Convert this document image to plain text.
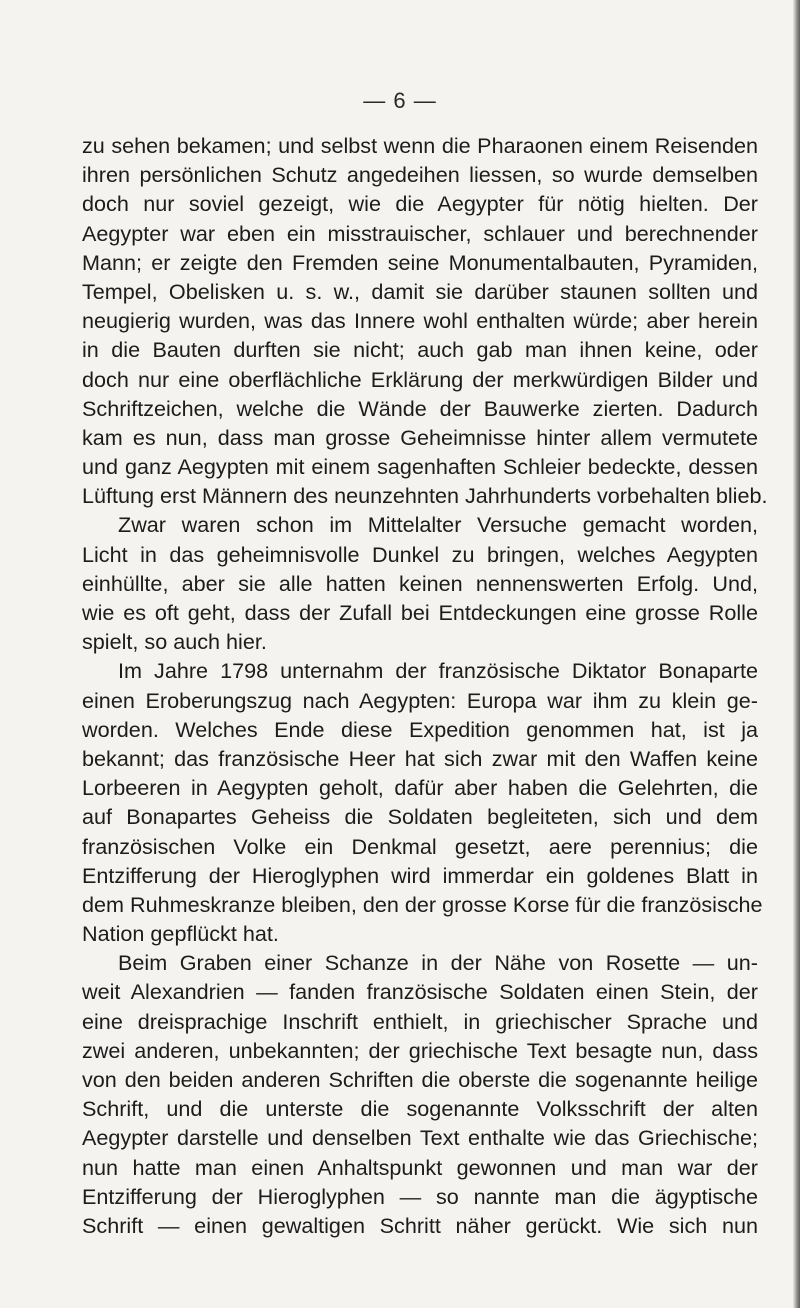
— 6 —
zu sehen bekamen; und selbst wenn die Pharaonen einem Reisenden
ihren persönlichen Schutz angedeihen liessen, so wurde demselben
doch nur soviel gezeigt, wie die Aegypter für nötig hielten. Der
Aegypter war eben ein misstrauischer, schlauer und berechnender
Mann; er zeigte den Fremden seine Monumentalbauten, Pyramiden,
Tempel, Obelisken u. s. w., damit sie darüber staunen sollten und
neugierig wurden, was das Innere wohl enthalten würde; aber herein
in die Bauten durften sie nicht; auch gab man ihnen keine, oder
doch nur eine oberflächliche Erklärung der merkwürdigen Bilder und
Schriftzeichen, welche die Wände der Bauwerke zierten. Dadurch
kam es nun, dass man grosse Geheimnisse hinter allem vermutete
und ganz Aegypten mit einem sagenhaften Schleier bedeckte, dessen
Lüftung erst Männern des neunzehnten Jahrhunderts vorbehalten blieb.
Zwar waren schon im Mittelalter Versuche gemacht worden,
Licht in das geheimnisvolle Dunkel zu bringen, welches Aegypten
einhüllte, aber sie alle hatten keinen nennenswerten Erfolg. Und,
wie es oft geht, dass der Zufall bei Entdeckungen eine grosse Rolle
spielt, so auch hier.
Im Jahre 1798 unternahm der französische Diktator Bonaparte
einen Eroberungszug nach Aegypten: Europa war ihm zu klein ge-
worden. Welches Ende diese Expedition genommen hat, ist ja
bekannt; das französische Heer hat sich zwar mit den Waffen keine
Lorbeeren in Aegypten geholt, dafür aber haben die Gelehrten, die
auf Bonapartes Geheiss die Soldaten begleiteten, sich und dem
französischen Volke ein Denkmal gesetzt, aere perennius; die
Entzifferung der Hieroglyphen wird immerdar ein goldenes Blatt in
dem Ruhmeskranze bleiben, den der grosse Korse für die französische
Nation gepflückt hat.
Beim Graben einer Schanze in der Nähe von Rosette — un-
weit Alexandrien — fanden französische Soldaten einen Stein, der
eine dreisprachige Inschrift enthielt, in griechischer Sprache und
zwei anderen, unbekannten; der griechische Text besagte nun, dass
von den beiden anderen Schriften die oberste die sogenannte heilige
Schrift, und die unterste die sogenannte Volksschrift der alten
Aegypter darstelle und denselben Text enthalte wie das Griechische;
nun hatte man einen Anhaltspunkt gewonnen und man war der
Entzifferung der Hieroglyphen — so nannte man die ägyptische
Schrift — einen gewaltigen Schritt näher gerückt. Wie sich nun
